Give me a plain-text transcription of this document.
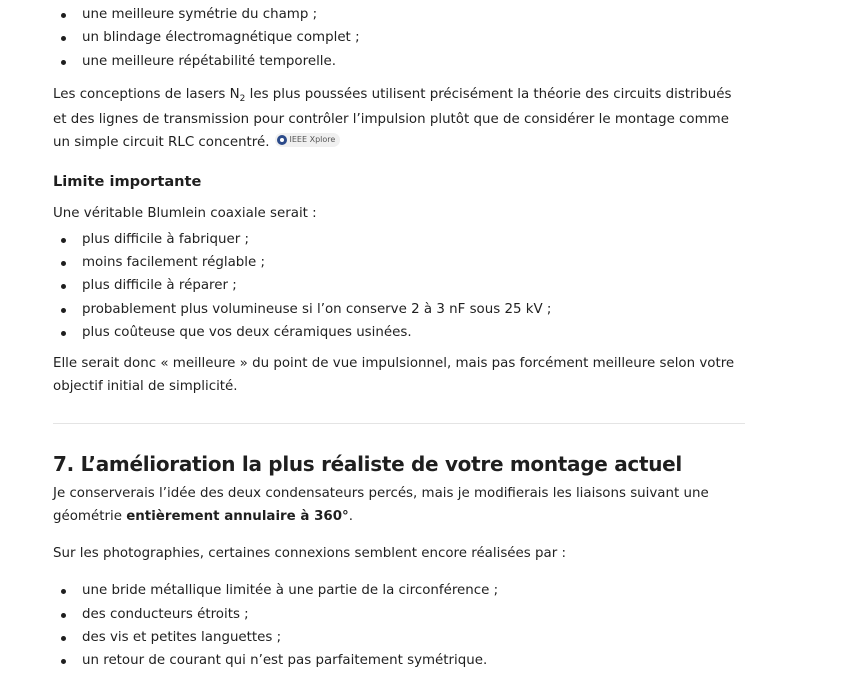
une meilleure symétrie du champ ;
un blindage électromagnétique complet ;
une meilleure répétabilité temporelle.

Les conceptions de lasers $N_2$ les plus poussées utilisent précisément la théorie des circuits distribués et des lignes de transmission pour contrôler l’impulsion plutôt que de considérer le montage comme un simple circuit RLC concentré.	IEEE Xplore

Limite importante

Une véritable Blumlein coaxiale serait :

plus difficile à fabriquer ;
moins facilement réglable ;
plus difficile à réparer ;
probablement plus volumineuse si l’on conserve 2 à 3 nF sous 25 kV ;
plus coûteuse que vos deux céramiques usinées.

Elle serait donc « meilleure » du point de vue impulsionnel, mais pas forcément meilleure selon votre objectif initial de simplicité.

7. L’amélioration la plus réaliste de votre montage actuel

Je conserverais l’idée des deux condensateurs percés, mais je modifierais les liaisons suivant une géométrie entièrement annulaire à 360°.

Sur les photographies, certaines connexions semblent encore réalisées par :

une bride métallique limitée à une partie de la circonférence ;
des conducteurs étroits ;
des vis et petites languettes ;
un retour de courant qui n’est pas parfaitement symétrique.
